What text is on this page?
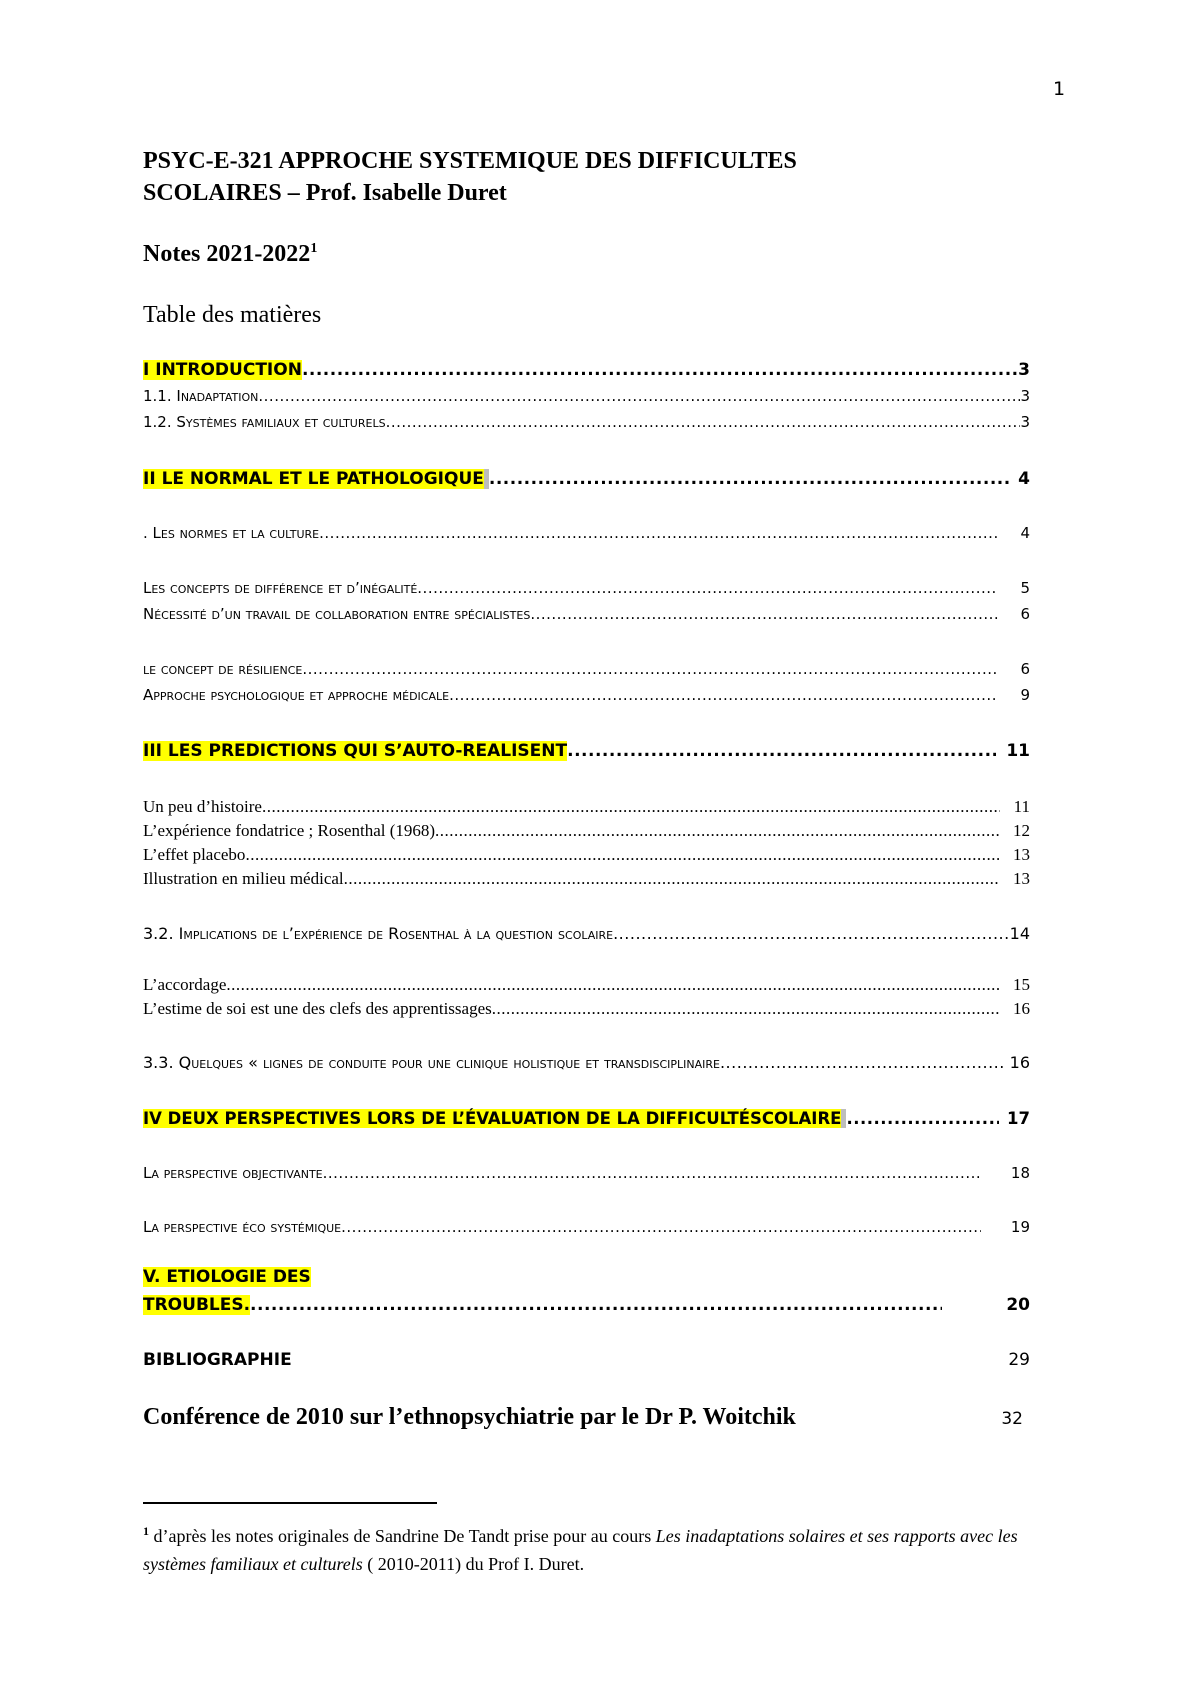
1
PSYC-E-321 APPROCHE SYSTEMIQUE DES DIFFICULTES
SCOLAIRES – Prof. Isabelle Duret
Notes 2021-2022$^1$
Table des matières
I INTRODUCTION .....	3
1.1. Inadaptation .....	3
1.2. Systèmes familiaux et culturels .....	3
II LE NORMAL ET LE PATHOLOGIQUE .....	4
. Les normes et la culture .....	4
Les concepts de différence et d’inégalité .....	5
Nécessité d’un travail de collaboration entre spécialistes .....	6
le concept de résilience .....	6
Approche psychologique et approche médicale .....	9
III LES PREDICTIONS QUI S’AUTO-REALISENT .....	11
Un peu d’histoire .....	11
L’expérience fondatrice ; Rosenthal (1968) .....	12
L’effet placebo .....	13
Illustration en milieu médical .....	13
3.2. Implications de l’expérience de Rosenthal à la question scolaire .....	14
L’accordage .....	15
L’estime de soi est une des clefs des apprentissages .....	16
3.3. Quelques « lignes de conduite pour une clinique holistique et transdisciplinaire .....	16
IV DEUX PERSPECTIVES LORS DE L’ÉVALUATION DE LA DIFFICULTÉSCOLAIRE .....	17
La perspective objectivante .....	18
La perspective éco systémique .....	19
V. ETIOLOGIE DES
TROUBLES. .....	20
BIBLIOGRAPHIE	29
Conférence de 2010 sur l’ethnopsychiatrie par le Dr P. Woitchik	32
$^1$ d’après les notes originales de Sandrine De Tandt prise pour au cours Les inadaptations solaires et ses rapports avec les systèmes familiaux et culturels ( 2010-2011) du Prof I. Duret.
